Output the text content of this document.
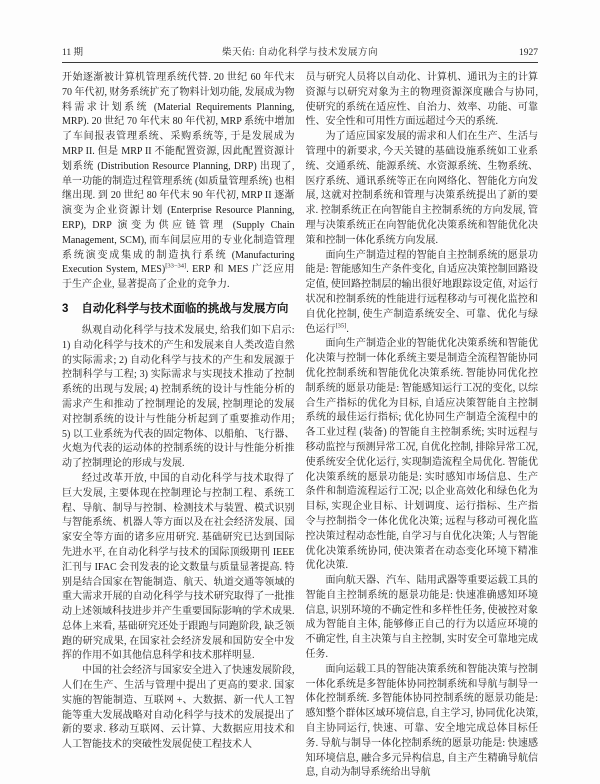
11 期	柴天佑: 自动化科学与技术发展方向	1927

开始逐渐被计算机管理系统代替. 20 世纪 60 年代末 70 年代初, 财务系统扩充了物料计划功能, 发展成为物料需求计划系统 (Material Requirements Planning, MRP). 20 世纪 70 年代末 80 年代初, MRP 系统中增加了车间报表管理系统、采购系统等, 于是发展成为 MRP II. 但是 MRP II 不能配置资源, 因此配置资源计划系统 (Distribution Resource Planning, DRP) 出现了, 单一功能的制造过程管理系统 (如质量管理系统) 也相继出现. 到 20 世纪 80 年代末 90 年代初, MRP II 逐渐演变为企业资源计划 (Enterprise Resource Planning, ERP), DRP 演变为供应链管理 (Supply Chain Management, SCM), 而车间层应用的专业化制造管理系统演变成集成的制造执行系统 (Manufacturing Execution System, MES)[33−34]. ERP 和 MES 广泛应用于生产企业, 显著提高了企业的竞争力.

3 自动化科学与技术面临的挑战与发展方向

纵观自动化科学与技术发展史, 给我们如下启示: 1) 自动化科学与技术的产生和发展来自人类改造自然的实际需求; 2) 自动化科学与技术的产生和发展源于控制科学与工程; 3) 实际需求与实现技术推动了控制系统的出现与发展; 4) 控制系统的设计与性能分析的需求产生和推动了控制理论的发展, 控制理论的发展对控制系统的设计与性能分析起到了重要推动作用; 5) 以工业系统为代表的固定物体、以船舶、飞行器、火炮为代表的运动体的控制系统的设计与性能分析推动了控制理论的形成与发展.

经过改革开放, 中国的自动化科学与技术取得了巨大发展, 主要体现在控制理论与控制工程、系统工程、导航、制导与控制、检测技术与装置、模式识别与智能系统、机器人等方面以及在社会经济发展、国家安全等方面的诸多应用研究. 基础研究已达到国际先进水平, 在自动化科学与技术的国际顶级期刊 IEEE 汇刊与 IFAC 会刊发表的论文数量与质量显著提高. 特别是结合国家在智能制造、航天、轨道交通等领域的重大需求开展的自动化科学与技术研究取得了一批推动上述领域科技进步并产生重要国际影响的学术成果. 总体上来看, 基础研究还处于跟跑与同跑阶段, 缺乏领跑的研究成果, 在国家社会经济发展和国防安全中发挥的作用不如其他信息科学和技术那样明显.

中国的社会经济与国家安全进入了快速发展阶段, 人们在生产、生活与管理中提出了更高的要求. 国家实施的智能制造、互联网 +、大数据、新一代人工智能等重大发展战略对自动化科学与技术的发展提出了新的要求. 移动互联网、云计算、大数据应用技术和人工智能技术的突破性发展促使工程技术人

员与研究人员将以自动化、计算机、通讯为主的计算资源与以研究对象为主的物理资源深度融合与协同, 使研究的系统在适应性、自治力、效率、功能、可靠性、安全性和可用性方面远超过今天的系统.

为了适应国家发展的需求和人们在生产、生活与管理中的新要求, 今天关键的基础设施系统如工业系统、交通系统、能源系统、水资源系统、生物系统、医疗系统、通讯系统等正在向网络化、智能化方向发展, 这就对控制系统和管理与决策系统提出了新的要求. 控制系统正在向智能自主控制系统的方向发展, 管理与决策系统正在向智能优化决策系统和智能优化决策和控制一体化系统方向发展.

面向生产制造过程的智能自主控制系统的愿景功能是: 智能感知生产条件变化, 自适应决策控制回路设定值, 使回路控制层的输出很好地跟踪设定值, 对运行状况和控制系统的性能进行远程移动与可视化监控和自优化控制, 使生产制造系统安全、可靠、优化与绿色运行[35].

面向生产制造企业的智能优化决策系统和智能优化决策与控制一体化系统主要是制造全流程智能协同优化控制系统和智能优化决策系统. 智能协同优化控制系统的愿景功能是: 智能感知运行工况的变化, 以综合生产指标的优化为目标, 自适应决策智能自主控制系统的最佳运行指标; 优化协同生产制造全流程中的各工业过程 (装备) 的智能自主控制系统; 实时远程与移动监控与预测异常工况, 自优化控制, 排除异常工况, 使系统安全优化运行, 实现制造流程全局优化. 智能优化决策系统的愿景功能是: 实时感知市场信息、生产条件和制造流程运行工况; 以企业高效化和绿色化为目标, 实现企业目标、计划调度、运行指标、生产指令与控制指令一体化优化决策; 远程与移动可视化监控决策过程动态性能, 自学习与自优化决策; 人与智能优化决策系统协同, 使决策者在动态变化环境下精准优化决策.

面向航天器、汽车、陆用武器等重要运载工具的智能自主控制系统的愿景功能是: 快速准确感知环境信息, 识别环境的不确定性和多样性任务, 使被控对象成为智能自主体, 能够修正自己的行为以适应环境的不确定性, 自主决策与自主控制, 实时安全可靠地完成任务.

面向运载工具的智能决策系统和智能决策与控制一体化系统是多智能体协同控制系统和导航与制导一体化控制系统. 多智能体协同控制系统的愿景功能是: 感知整个群体区域环境信息, 自主学习, 协同优化决策, 自主协同运行, 快速、可靠、安全地完成总体目标任务. 导航与制导一体化控制系统的愿景功能是: 快速感知环境信息, 融合多元异构信息, 自主产生精确导航信息, 自动为制导系统给出导航
